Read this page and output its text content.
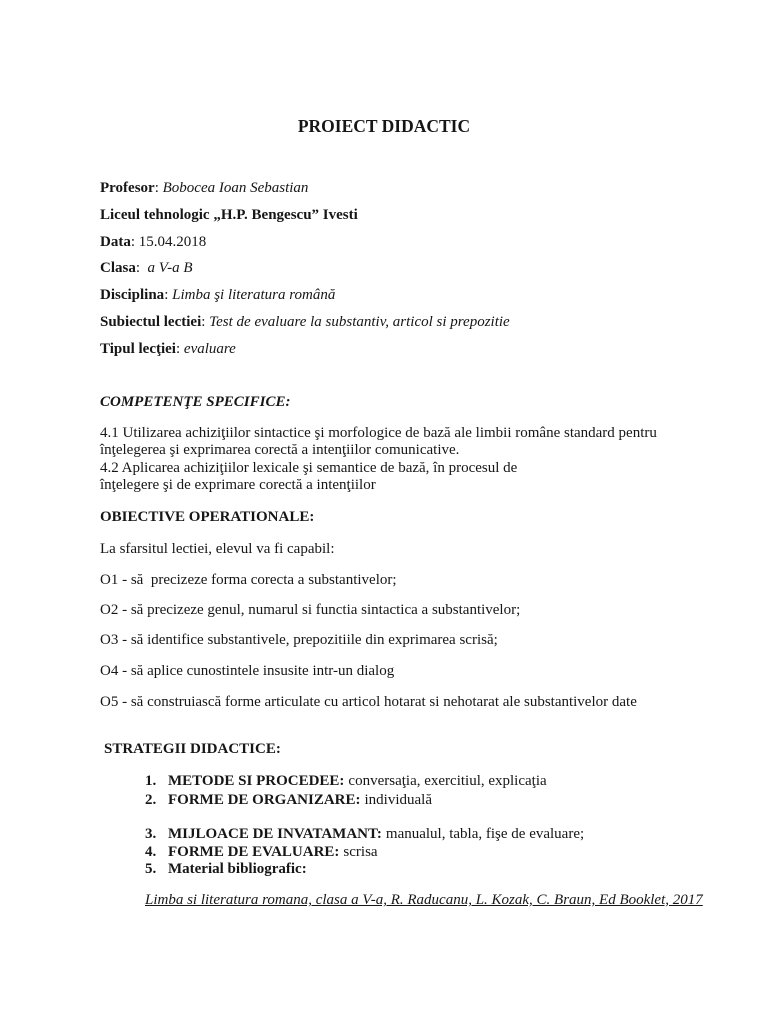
PROIECT DIDACTIC
Profesor: Bobocea Ioan Sebastian
Liceul tehnologic „H.P. Bengescu” Ivesti
Data: 15.04.2018
Clasa:  a V-a B
Disciplina: Limba şi literatura română
Subiectul lectiei: Test de evaluare la substantiv, articol si prepozitie
Tipul lecţiei: evaluare
COMPETENŢE SPECIFICE:
4.1 Utilizarea achiziţiilor sintactice şi morfologice de bază ale limbii române standard pentru
înţelegerea şi exprimarea corectă a intenţiilor comunicative.
4.2 Aplicarea achiziţiilor lexicale şi semantice de bază, în procesul de
înţelegere şi de exprimare corectă a intenţiilor
OBIECTIVE OPERATIONALE:
La sfarsitul lectiei, elevul va fi capabil:
O1 - să  precizeze forma corecta a substantivelor;
O2 - să precizeze genul, numarul si functia sintactica a substantivelor;
O3 - să identifice substantivele, prepozitiile din exprimarea scrisă;
O4 - să aplice cunostintele insusite intr-un dialog
O5 - să construiască forme articulate cu articol hotarat si nehotarat ale substantivelor date
STRATEGII DIDACTICE:
1. METODE SI PROCEDEE: conversaţia, exercitiul, explicaţia
2. FORME DE ORGANIZARE: individuală
3. MIJLOACE DE INVATAMANT: manualul, tabla, fişe de evaluare;
4. FORME DE EVALUARE: scrisa
5. Material bibliografic:
Limba si literatura romana, clasa a V-a, R. Raducanu, L. Kozak, C. Braun, Ed Booklet, 2017
